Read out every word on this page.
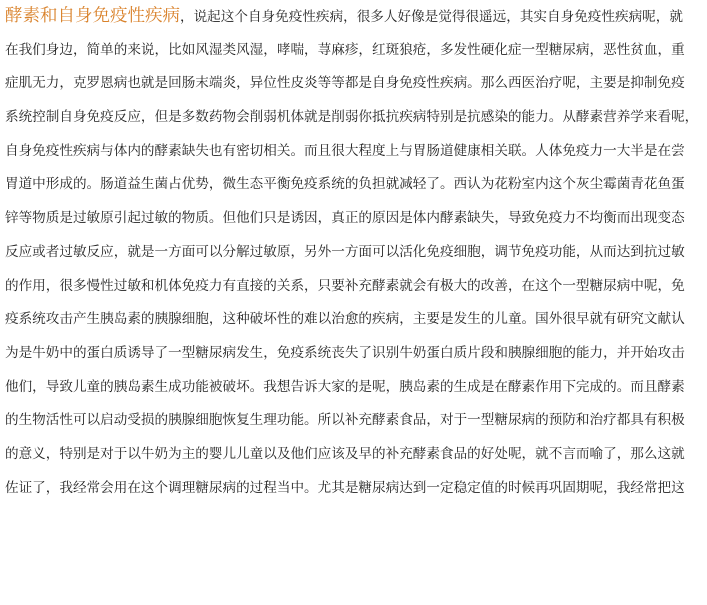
酵素和自身免疫性疾病，说起这个自身免疫性疾病，很多人好像是觉得很遥远，其实自身免疫性疾病呢，就
在我们身边，简单的来说，比如风湿类风湿，哮喘，荨麻疹，红斑狼疮，多发性硬化症一型糖尿病，恶性贫血，重
症肌无力，克罗恩病也就是回肠末端炎，异位性皮炎等等都是自身免疫性疾病。那么西医治疗呢，主要是抑制免疫
系统控制自身免疫反应，但是多数药物会削弱机体就是削弱你抵抗疾病特别是抗感染的能力。从酵素营养学来看呢，
自身免疫性疾病与体内的酵素缺失也有密切相关。而且很大程度上与胃肠道健康相关联。人体免疫力一大半是在尝
胃道中形成的。肠道益生菌占优势，微生态平衡免疫系统的负担就减轻了。西认为花粉室内这个灰尘霉菌青花鱼蛋
锌等物质是过敏原引起过敏的物质。但他们只是诱因，真正的原因是体内酵素缺失，导致免疫力不均衡而出现变态
反应或者过敏反应，就是一方面可以分解过敏原，另外一方面可以活化免疫细胞，调节免疫功能，从而达到抗过敏
的作用，很多慢性过敏和机体免疫力有直接的关系，只要补充酵素就会有极大的改善，在这个一型糖尿病中呢，免
疫系统攻击产生胰岛素的胰腺细胞，这种破坏性的难以治愈的疾病，主要是发生的儿童。国外很早就有研究文献认
为是牛奶中的蛋白质诱导了一型糖尿病发生，免疫系统丧失了识别牛奶蛋白质片段和胰腺细胞的能力，并开始攻击
他们，导致儿童的胰岛素生成功能被破坏。我想告诉大家的是呢，胰岛素的生成是在酵素作用下完成的。而且酵素
的生物活性可以启动受损的胰腺细胞恢复生理功能。所以补充酵素食品，对于一型糖尿病的预防和治疗都具有积极
的意义，特别是对于以牛奶为主的婴儿儿童以及他们应该及早的补充酵素食品的好处呢，就不言而喻了，那么这就
佐证了，我经常会用在这个调理糖尿病的过程当中。尤其是糖尿病达到一定稳定值的时候再巩固期呢，我经常把这
